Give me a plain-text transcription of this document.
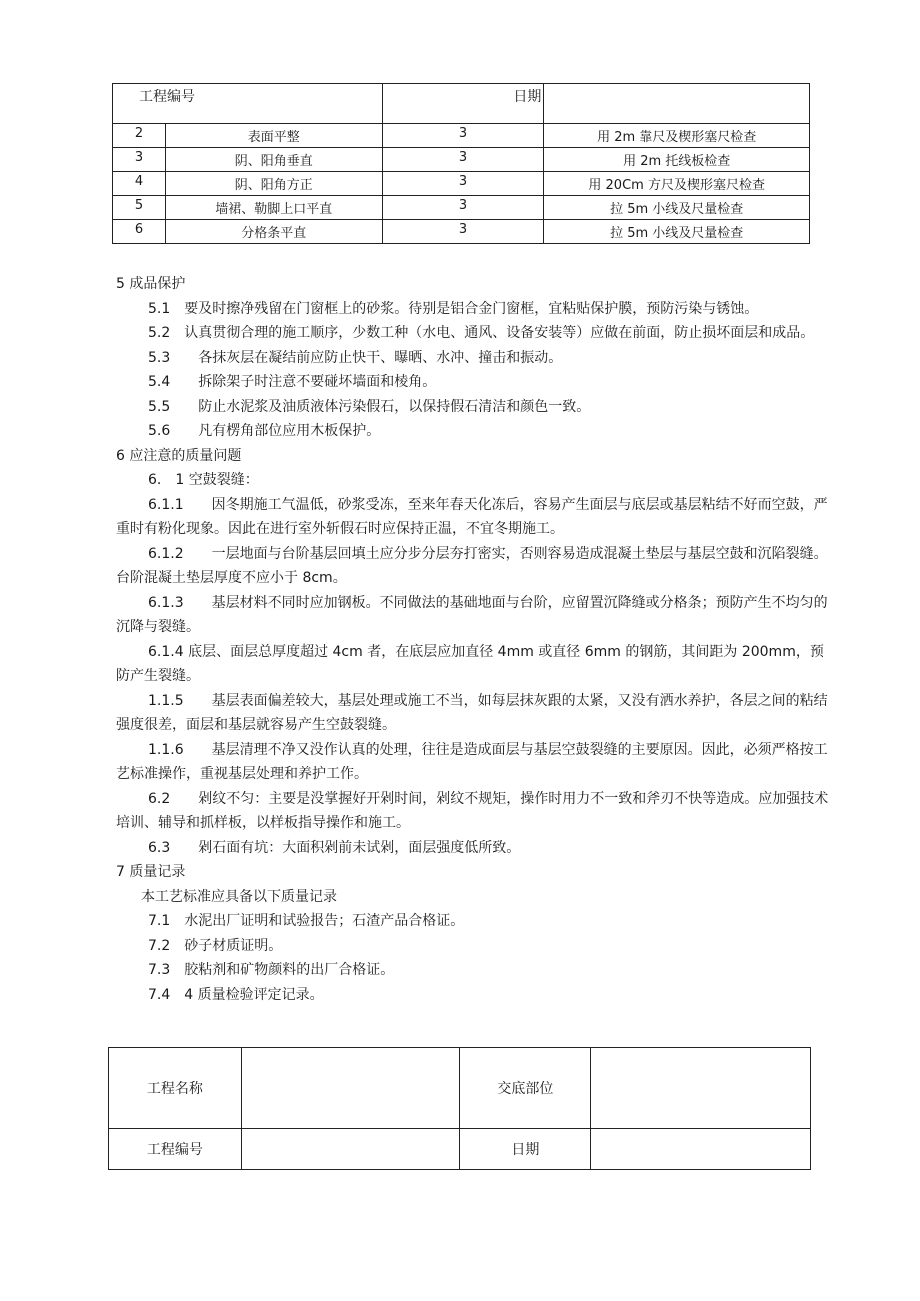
工程编号		日期	
2	表面平整	3	用 2m 靠尺及楔形塞尺检查
3	阴、阳角垂直	3	用 2m 托线板检查
4	阴、阳角方正	3	用 20Cm 方尺及楔形塞尺检查
5	墙裙、勒脚上口平直	3	拉 5m 小线及尺量检查
6	分格条平直	3	拉 5m 小线及尺量检查

5 成品保护

5.1　要及时擦净残留在门窗框上的砂浆。待别是铝合金门窗框，宜粘贴保护膜，预防污染与锈蚀。

5.2　认真贯彻合理的施工顺序，少数工种（水电、通风、设备安装等）应做在前面，防止损坏面层和成品。

5.3　　各抹灰层在凝结前应防止快干、曝晒、水冲、撞击和振动。

5.4　　拆除架子时注意不要碰坏墙面和棱角。

5.5　　防止水泥浆及油质液体污染假石，以保持假石清洁和颜色一致。

5.6　　凡有楞角部位应用木板保护。

6 应注意的质量问题

6.　1 空鼓裂缝：

6.1.1　　因冬期施工气温低，砂浆受冻，至来年春天化冻后，容易产生面层与底层或基层粘结不好而空鼓，严重时有粉化现象。因此在进行室外斩假石时应保持正温，不宜冬期施工。

6.1.2　　一层地面与台阶基层回填土应分步分层夯打密实，否则容易造成混凝土垫层与基层空鼓和沉陷裂缝。台阶混凝土垫层厚度不应小于 8cm。

6.1.3　　基层材料不同时应加钢板。不同做法的基础地面与台阶，应留置沉降缝或分格条；预防产生不均匀的沉降与裂缝。

6.1.4 底层、面层总厚度超过 4cm 者，在底层应加直径 4mm 或直径 6mm 的钢筋，其间距为 200mm，预防产生裂缝。

1.1.5　　基层表面偏差较大，基层处理或施工不当，如每层抹灰跟的太紧，又没有洒水养护，各层之间的粘结强度很差，面层和基层就容易产生空鼓裂缝。

1.1.6　　基层清理不净又没作认真的处理，往往是造成面层与基层空鼓裂缝的主要原因。因此，必须严格按工艺标准操作，重视基层处理和养护工作。

6.2　　剁纹不匀：主要是没掌握好开剁时间，剁纹不规矩，操作时用力不一致和斧刃不快等造成。应加强技术培训、辅导和抓样板，以样板指导操作和施工。

6.3　　剁石面有坑：大面积剁前未试剁，面层强度低所致。

7 质量记录

本工艺标准应具备以下质量记录

7.1　水泥出厂证明和试验报告；石渣产品合格证。

7.2　砂子材质证明。

7.3　胶粘剂和矿物颜料的出厂合格证。

7.4　4 质量检验评定记录。

工程名称		交底部位	
工程编号		日期	
